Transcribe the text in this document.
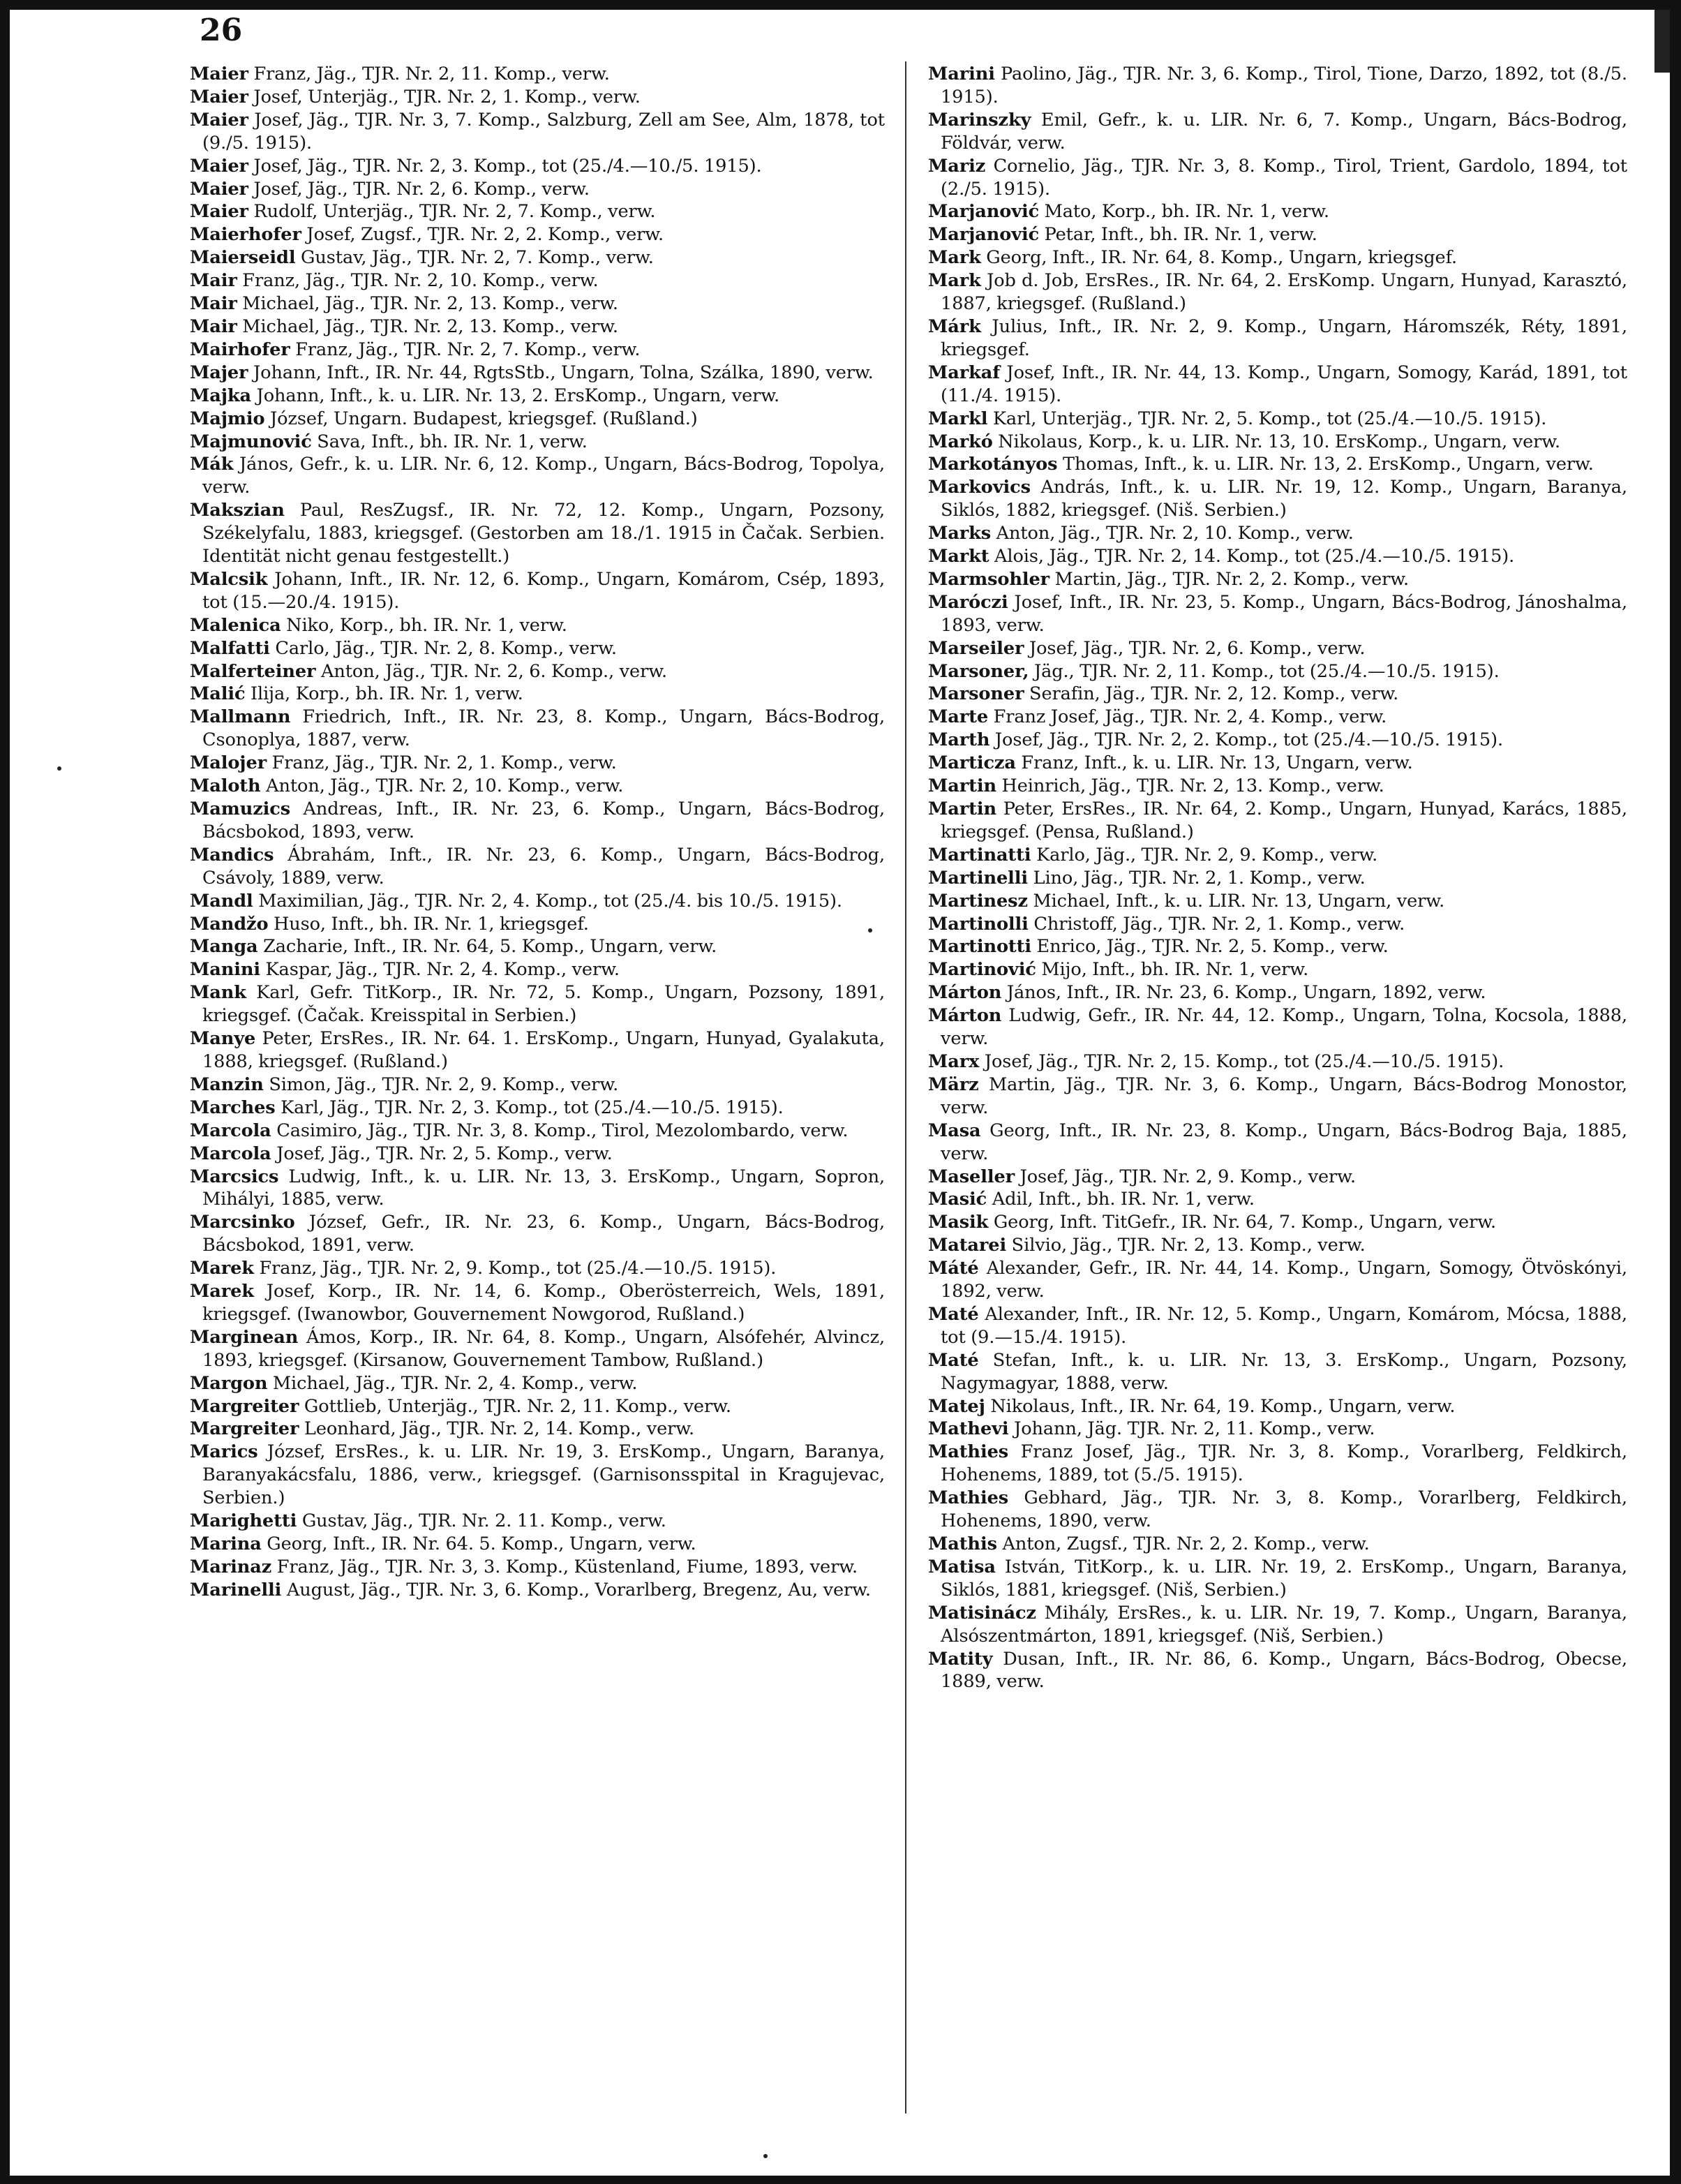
26

Maier Franz, Jäg., TJR. Nr. 2, 11. Komp., verw.

Maier Josef, Unterjäg., TJR. Nr. 2, 1. Komp., verw.

Maier Josef, Jäg., TJR. Nr. 3, 7. Komp., Salzburg, Zell am See, Alm, 1878, tot (9./5. 1915).

Maier Josef, Jäg., TJR. Nr. 2, 3. Komp., tot (25./4.—10./5. 1915).

Maier Josef, Jäg., TJR. Nr. 2, 6. Komp., verw.

Maier Rudolf, Unterjäg., TJR. Nr. 2, 7. Komp., verw.

Maierhofer Josef, Zugsf., TJR. Nr. 2, 2. Komp., verw.

Maierseidl Gustav, Jäg., TJR. Nr. 2, 7. Komp., verw.

Mair Franz, Jäg., TJR. Nr. 2, 10. Komp., verw.

Mair Michael, Jäg., TJR. Nr. 2, 13. Komp., verw.

Mair Michael, Jäg., TJR. Nr. 2, 13. Komp., verw.

Mairhofer Franz, Jäg., TJR. Nr. 2, 7. Komp., verw.

Majer Johann, Inft., IR. Nr. 44, RgtsStb., Ungarn, Tolna, Szálka, 1890, verw.

Majka Johann, Inft., k. u. LIR. Nr. 13, 2. ErsKomp., Ungarn, verw.

Majmio József, Ungarn. Budapest, kriegsgef. (Rußland.)

Majmunović Sava, Inft., bh. IR. Nr. 1, verw.

Mák János, Gefr., k. u. LIR. Nr. 6, 12. Komp., Ungarn, Bács-Bodrog, Topolya, verw.

Makszian Paul, ResZugsf., IR. Nr. 72, 12. Komp., Ungarn, Pozsony, Székelyfalu, 1883, kriegsgef. (Gestorben am 18./1. 1915 in Čačak. Serbien. Identität nicht genau festgestellt.)

Malcsik Johann, Inft., IR. Nr. 12, 6. Komp., Ungarn, Komárom, Csép, 1893, tot (15.—20./4. 1915).

Malenica Niko, Korp., bh. IR. Nr. 1, verw.

Malfatti Carlo, Jäg., TJR. Nr. 2, 8. Komp., verw.

Malferteiner Anton, Jäg., TJR. Nr. 2, 6. Komp., verw.

Malić Ilija, Korp., bh. IR. Nr. 1, verw.

Mallmann Friedrich, Inft., IR. Nr. 23, 8. Komp., Ungarn, Bács-Bodrog, Csonoplya, 1887, verw.

Malojer Franz, Jäg., TJR. Nr. 2, 1. Komp., verw.

Maloth Anton, Jäg., TJR. Nr. 2, 10. Komp., verw.

Mamuzics Andreas, Inft., IR. Nr. 23, 6. Komp., Ungarn, Bács-Bodrog, Bácsbokod, 1893, verw.

Mandics Ábrahám, Inft., IR. Nr. 23, 6. Komp., Ungarn, Bács-Bodrog, Csávoly, 1889, verw.

Mandl Maximilian, Jäg., TJR. Nr. 2, 4. Komp., tot (25./4. bis 10./5. 1915).

Mandžo Huso, Inft., bh. IR. Nr. 1, kriegsgef.

Manga Zacharie, Inft., IR. Nr. 64, 5. Komp., Ungarn, verw.

Manini Kaspar, Jäg., TJR. Nr. 2, 4. Komp., verw.

Mank Karl, Gefr. TitKorp., IR. Nr. 72, 5. Komp., Ungarn, Pozsony, 1891, kriegsgef. (Čačak. Kreisspital in Serbien.)

Manye Peter, ErsRes., IR. Nr. 64. 1. ErsKomp., Ungarn, Hunyad, Gyalakuta, 1888, kriegsgef. (Rußland.)

Manzin Simon, Jäg., TJR. Nr. 2, 9. Komp., verw.

Marches Karl, Jäg., TJR. Nr. 2, 3. Komp., tot (25./4.—10./5. 1915).

Marcola Casimiro, Jäg., TJR. Nr. 3, 8. Komp., Tirol, Mezolombardo, verw.

Marcola Josef, Jäg., TJR. Nr. 2, 5. Komp., verw.

Marcsics Ludwig, Inft., k. u. LIR. Nr. 13, 3. ErsKomp., Ungarn, Sopron, Mihályi, 1885, verw.

Marcsinko József, Gefr., IR. Nr. 23, 6. Komp., Ungarn, Bács-Bodrog, Bácsbokod, 1891, verw.

Marek Franz, Jäg., TJR. Nr. 2, 9. Komp., tot (25./4.—10./5. 1915).

Marek Josef, Korp., IR. Nr. 14, 6. Komp., Oberösterreich, Wels, 1891, kriegsgef. (Iwanowbor, Gouvernement Nowgorod, Rußland.)

Marginean Ámos, Korp., IR. Nr. 64, 8. Komp., Ungarn, Alsófehér, Alvincz, 1893, kriegsgef. (Kirsanow, Gouvernement Tambow, Rußland.)

Margon Michael, Jäg., TJR. Nr. 2, 4. Komp., verw.

Margreiter Gottlieb, Unterjäg., TJR. Nr. 2, 11. Komp., verw.

Margreiter Leonhard, Jäg., TJR. Nr. 2, 14. Komp., verw.

Marics József, ErsRes., k. u. LIR. Nr. 19, 3. ErsKomp., Ungarn, Baranya, Baranyakácsfalu, 1886, verw., kriegsgef. (Garnisonsspital in Kragujevac, Serbien.)

Marighetti Gustav, Jäg., TJR. Nr. 2. 11. Komp., verw.

Marina Georg, Inft., IR. Nr. 64. 5. Komp., Ungarn, verw.

Marinaz Franz, Jäg., TJR. Nr. 3, 3. Komp., Küstenland, Fiume, 1893, verw.

Marinelli August, Jäg., TJR. Nr. 3, 6. Komp., Vorarlberg, Bregenz, Au, verw.

Marini Paolino, Jäg., TJR. Nr. 3, 6. Komp., Tirol, Tione, Darzo, 1892, tot (8./5. 1915).

Marinszky Emil, Gefr., k. u. LIR. Nr. 6, 7. Komp., Ungarn, Bács-Bodrog, Földvár, verw.

Mariz Cornelio, Jäg., TJR. Nr. 3, 8. Komp., Tirol, Trient, Gardolo, 1894, tot (2./5. 1915).

Marjanović Mato, Korp., bh. IR. Nr. 1, verw.

Marjanović Petar, Inft., bh. IR. Nr. 1, verw.

Mark Georg, Inft., IR. Nr. 64, 8. Komp., Ungarn, kriegsgef.

Mark Job d. Job, ErsRes., IR. Nr. 64, 2. ErsKomp. Ungarn, Hunyad, Karasztó, 1887, kriegsgef. (Rußland.)

Márk Julius, Inft., IR. Nr. 2, 9. Komp., Ungarn, Háromszék, Réty, 1891, kriegsgef.

Markaf Josef, Inft., IR. Nr. 44, 13. Komp., Ungarn, Somogy, Karád, 1891, tot (11./4. 1915).

Markl Karl, Unterjäg., TJR. Nr. 2, 5. Komp., tot (25./4.—10./5. 1915).

Markó Nikolaus, Korp., k. u. LIR. Nr. 13, 10. ErsKomp., Ungarn, verw.

Markotányos Thomas, Inft., k. u. LIR. Nr. 13, 2. ErsKomp., Ungarn, verw.

Markovics András, Inft., k. u. LIR. Nr. 19, 12. Komp., Ungarn, Baranya, Siklós, 1882, kriegsgef. (Niš. Serbien.)

Marks Anton, Jäg., TJR. Nr. 2, 10. Komp., verw.

Markt Alois, Jäg., TJR. Nr. 2, 14. Komp., tot (25./4.—10./5. 1915).

Marmsohler Martin, Jäg., TJR. Nr. 2, 2. Komp., verw.

Maróczi Josef, Inft., IR. Nr. 23, 5. Komp., Ungarn, Bács-Bodrog, Jánoshalma, 1893, verw.

Marseiler Josef, Jäg., TJR. Nr. 2, 6. Komp., verw.

Marsoner, Jäg., TJR. Nr. 2, 11. Komp., tot (25./4.—10./5. 1915).

Marsoner Serafin, Jäg., TJR. Nr. 2, 12. Komp., verw.

Marte Franz Josef, Jäg., TJR. Nr. 2, 4. Komp., verw.

Marth Josef, Jäg., TJR. Nr. 2, 2. Komp., tot (25./4.—10./5. 1915).

Marticza Franz, Inft., k. u. LIR. Nr. 13, Ungarn, verw.

Martin Heinrich, Jäg., TJR. Nr. 2, 13. Komp., verw.

Martin Peter, ErsRes., IR. Nr. 64, 2. Komp., Ungarn, Hunyad, Karács, 1885, kriegsgef. (Pensa, Rußland.)

Martinatti Karlo, Jäg., TJR. Nr. 2, 9. Komp., verw.

Martinelli Lino, Jäg., TJR. Nr. 2, 1. Komp., verw.

Martinesz Michael, Inft., k. u. LIR. Nr. 13, Ungarn, verw.

Martinolli Christoff, Jäg., TJR. Nr. 2, 1. Komp., verw.

Martinotti Enrico, Jäg., TJR. Nr. 2, 5. Komp., verw.

Martinović Mijo, Inft., bh. IR. Nr. 1, verw.

Márton János, Inft., IR. Nr. 23, 6. Komp., Ungarn, 1892, verw.

Márton Ludwig, Gefr., IR. Nr. 44, 12. Komp., Ungarn, Tolna, Kocsola, 1888, verw.

Marx Josef, Jäg., TJR. Nr. 2, 15. Komp., tot (25./4.—10./5. 1915).

März Martin, Jäg., TJR. Nr. 3, 6. Komp., Ungarn, Bács-Bodrog Monostor, verw.

Masa Georg, Inft., IR. Nr. 23, 8. Komp., Ungarn, Bács-Bodrog Baja, 1885, verw.

Maseller Josef, Jäg., TJR. Nr. 2, 9. Komp., verw.

Masić Adil, Inft., bh. IR. Nr. 1, verw.

Masik Georg, Inft. TitGefr., IR. Nr. 64, 7. Komp., Ungarn, verw.

Matarei Silvio, Jäg., TJR. Nr. 2, 13. Komp., verw.

Máté Alexander, Gefr., IR. Nr. 44, 14. Komp., Ungarn, Somogy, Ötvöskónyi, 1892, verw.

Maté Alexander, Inft., IR. Nr. 12, 5. Komp., Ungarn, Komárom, Mócsa, 1888, tot (9.—15./4. 1915).

Maté Stefan, Inft., k. u. LIR. Nr. 13, 3. ErsKomp., Ungarn, Pozsony, Nagymagyar, 1888, verw.

Matej Nikolaus, Inft., IR. Nr. 64, 19. Komp., Ungarn, verw.

Mathevi Johann, Jäg. TJR. Nr. 2, 11. Komp., verw.

Mathies Franz Josef, Jäg., TJR. Nr. 3, 8. Komp., Vorarlberg, Feldkirch, Hohenems, 1889, tot (5./5. 1915).

Mathies Gebhard, Jäg., TJR. Nr. 3, 8. Komp., Vorarlberg, Feldkirch, Hohenems, 1890, verw.

Mathis Anton, Zugsf., TJR. Nr. 2, 2. Komp., verw.

Matisa István, TitKorp., k. u. LIR. Nr. 19, 2. ErsKomp., Ungarn, Baranya, Siklós, 1881, kriegsgef. (Niš, Serbien.)

Matisinácz Mihály, ErsRes., k. u. LIR. Nr. 19, 7. Komp., Ungarn, Baranya, Alsószentmárton, 1891, kriegsgef. (Niš, Serbien.)

Matity Dusan, Inft., IR. Nr. 86, 6. Komp., Ungarn, Bács-Bodrog, Obecse, 1889, verw.
